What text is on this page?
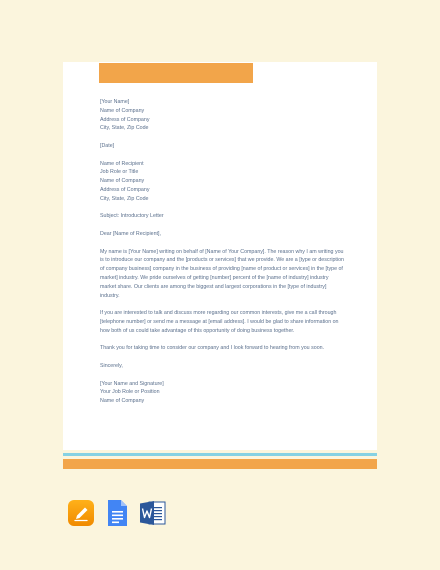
[Your Name]
Name of Company
Address of Company
City, State, Zip Code

[Date]

Name of Recipient
Job Role or Title
Name of Company
Address of Company
City, State, Zip Code

Subject: Introductory Letter

Dear [Name of Recipient],

My name is [Your Name] writing on behalf of [Name of Your Company]. The reason why I am writing you is to introduce our company and the [products or services] that we provide. We are a [type or description of company business] company in the business of providing [name of product or services] in the [type of market] industry. We pride ourselves of getting [number] percent of the [name of industry] industry market share. Our clients are among the biggest and largest corporations in the [type of industry] industry.

If you are interested to talk and discuss more regarding our common interests, give me a call through [telephone number] or send me a message at [email address]. I would be glad to share information on how both of us could take advantage of this opportunity of doing business together.

Thank you for taking time to consider our company and I look forward to hearing from you soon.

Sincerely,

[Your Name and Signature]
Your Job Role or Position
Name of Company
